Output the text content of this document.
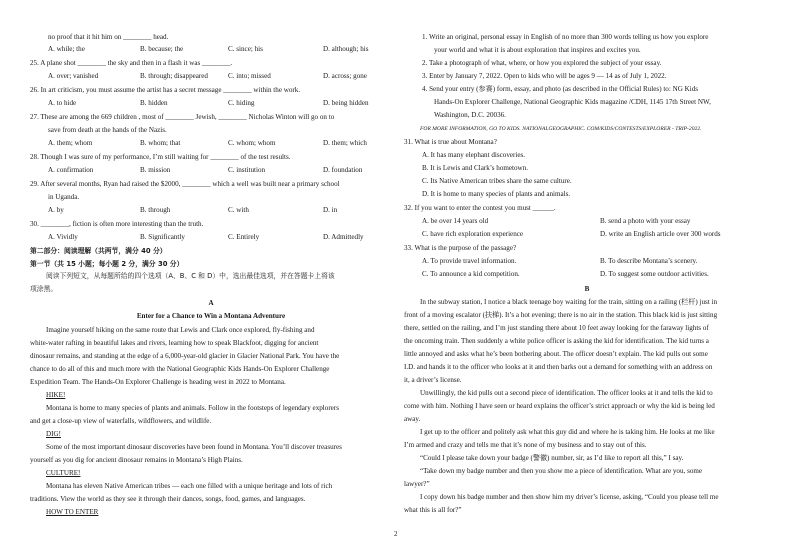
no proof that it hit him on ________ head.
A. while; the	B. because; the	C. since; his	D. although; his
25. A plane shot ________ the sky and then in a flash it was ________.
A. over; vanished	B. through; disappeared	C. into; missed	D. across; gone
26. In art criticism, you must assume the artist has a secret message ________ within the work.
A. to hide	B. hidden	C. hiding	D. being hidden
27. These are among the 669 children , most of ________ Jewish, ________ Nicholas Winton will go on to
save from death at the hands of the Nazis.
A. them; whom	B. whom; that	C. whom; whom	D. them; which
28. Though I was sure of my performance, I’m still waiting for ________ of the test results.
A. confirmation	B. mission	C. institution	D. foundation
29. After several months, Ryan had raised the $2000, ________ which a well was built near a primary school
in Uganda.
A. by	B. through	C. with	D. in
30. ________, fiction is often more interesting than the truth.
A. Vividly	B. Significantly	C. Entirely	D. Admittedly
第二部分：阅读理解（共两节，满分 40 分）
第一节（共 15 小题；每小题 2 分，满分 30 分）
阅读下列短文，从每题所给的四个选项（A、B、C 和 D）中，选出最佳选项，并在答题卡上将该
项涂黑。
A
Enter for a Chance to Win a Montana Adventure
Imagine yourself hiking on the same route that Lewis and Clark once explored, fly-fishing and
white-water rafting in beautiful lakes and rivers, learning how to speak Blackfoot, digging for ancient
dinosaur remains, and standing at the edge of a 6,000-year-old glacier in Glacier National Park. You have the
chance to do all of this and much more with the National Geographic Kids Hands-On Explorer Challenge
Expedition Team. The Hands-On Explorer Challenge is heading west in 2022 to Montana.
HIKE!
Montana is home to many species of plants and animals. Follow in the footsteps of legendary explorers
and get a close-up view of waterfalls, wildflowers, and wildlife.
DIG!
Some of the most important dinosaur discoveries have been found in Montana. You’ll discover treasures
yourself as you dig for ancient dinosaur remains in Montana’s High Plains.
CULTURE!
Montana has eleven Native American tribes — each one filled with a unique heritage and lots of rich
traditions. View the world as they see it through their dances, songs, food, games, and languages.
HOW TO ENTER
1. Write an original, personal essay in English of no more than 300 words telling us how you explore
your world and what it is about exploration that inspires and excites you.
2. Take a photograph of what, where, or how you explored the subject of your essay.
3. Enter by January 7, 2022. Open to kids who will be ages 9 — 14 as of July 1, 2022.
4. Send your entry (参赛) form, essay, and photo (as described in the Official Rules) to: NG Kids
Hands-On Explorer Challenge, National Geographic Kids magazine /CDH, 1145 17th Street NW,
Washington, D.C. 20036.
FOR MORE INFORMATION, GO TO KIDS. NATIONALGEOGRAPHIC. COM/KIDS/CONTESTS/EXPLORER - TRIP-2022.
31. What is true about Montana?
A. It has many elephant discoveries.
B. It is Lewis and Clark’s hometown.
C. Its Native American tribes share the same culture.
D. It is home to many species of plants and animals.
32. If you want to enter the contest you must ______.
A. be over 14 years old	B. send a photo with your essay
C. have rich exploration experience	D. write an English article over 300 words
33. What is the purpose of the passage?
A. To provide travel information.	B. To describe Montana’s scenery.
C. To announce a kid competition.	D. To suggest some outdoor activities.
B
In the subway station, I notice a black teenage boy waiting for the train, sitting on a railing (栏杆) just in
front of a moving escalator (扶梯). It’s a hot evening; there is no air in the station. This black kid is just sitting
there, settled on the railing, and I’m just standing there about 10 feet away looking for the faraway lights of
the oncoming train. Then suddenly a white police officer is asking the kid for identification. The kid turns a
little annoyed and asks what he’s been bothering about. The officer doesn’t explain. The kid pulls out some
I.D. and hands it to the officer who looks at it and then barks out a demand for something with an address on
it, a driver’s license.
Unwillingly, the kid pulls out a second piece of identification. The officer looks at it and tells the kid to
come with him. Nothing I have seen or heard explains the officer’s strict approach or why the kid is being led
away.
I get up to the officer and politely ask what this guy did and where he is taking him. He looks at me like
I’m armed and crazy and tells me that it’s none of my business and to stay out of this.
“Could I please take down your badge (警徽) number, sir, as I’d like to report all this,” I say.
“Take down my badge number and then you show me a piece of identification. What are you, some
lawyer?”
I copy down his badge number and then show him my driver’s license, asking, “Could you please tell me
what this is all for?”
2
